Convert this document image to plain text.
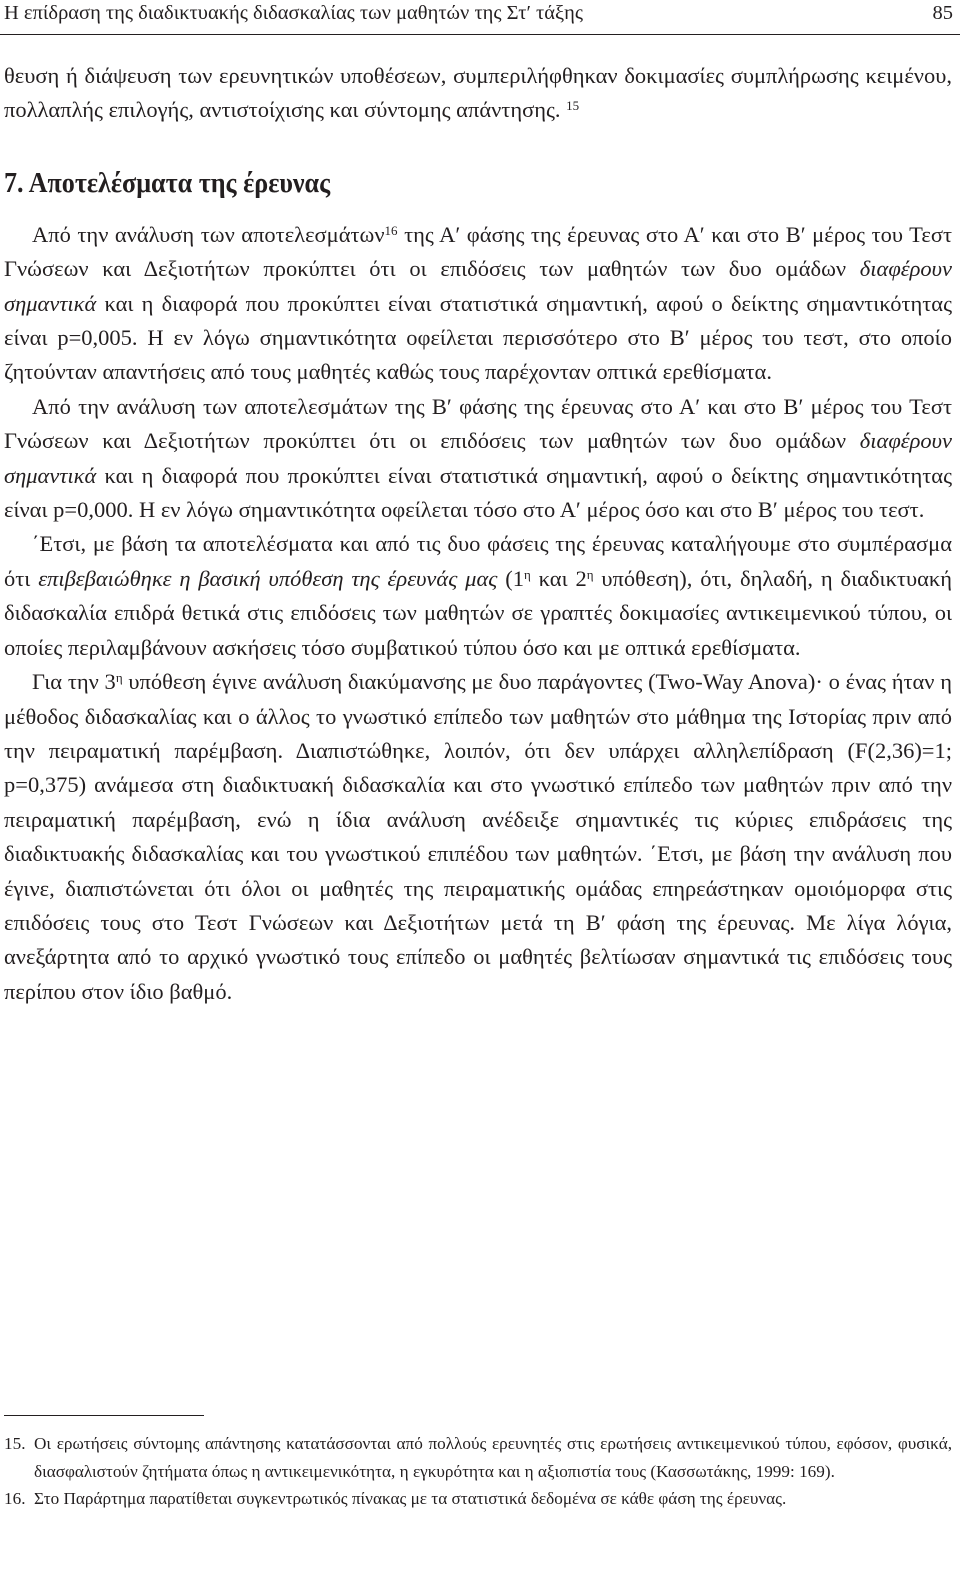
Η επίδραση της διαδικτυακής διδασκαλίας των μαθητών της Στ′ τάξης	85

θευση ή διάψευση των ερευνητικών υποθέσεων, συμπεριλήφθηκαν δοκιμασίες συμπλήρωσης κειμένου, πολλαπλής επιλογής, αντιστοίχισης και σύντομης απάντησης. $^{15}$

7. Αποτελέσματα της έρευνας

Από την ανάλυση των αποτελεσμάτων$^{16}$ της Α′ φάσης της έρευνας στο Α′ και στο Β′ μέρος του Τεστ Γνώσεων και Δεξιοτήτων προκύπτει ότι οι επιδόσεις των μαθητών των δυο ομάδων διαφέρουν σημαντικά και η διαφορά που προκύπτει είναι στατιστικά σημαντική, αφού ο δείκτης σημαντικότητας είναι p=0,005. Η εν λόγω σημαντικότητα οφείλεται περισσότερο στο Β′ μέρος του τεστ, στο οποίο ζητούνταν απαντήσεις από τους μαθητές καθώς τους παρέχονταν οπτικά ερεθίσματα.

Από την ανάλυση των αποτελεσμάτων της Β′ φάσης της έρευνας στο Α′ και στο Β′ μέρος του Τεστ Γνώσεων και Δεξιοτήτων προκύπτει ότι οι επιδόσεις των μαθητών των δυο ομάδων διαφέρουν σημαντικά και η διαφορά που προκύπτει είναι στατιστικά σημαντική, αφού ο δείκτης σημαντικότητας είναι p=0,000. Η εν λόγω σημαντικότητα οφείλεται τόσο στο Α′ μέρος όσο και στο Β′ μέρος του τεστ.

΄Ετσι, με βάση τα αποτελέσματα και από τις δυο φάσεις της έρευνας καταλήγουμε στο συμπέρασμα ότι επιβεβαιώθηκε η βασική υπόθεση της έρευνάς μας ($1^\eta$ και $2^\eta$ υπόθεση), ότι, δηλαδή, η διαδικτυακή διδασκαλία επιδρά θετικά στις επιδόσεις των μαθητών σε γραπτές δοκιμασίες αντικειμενικού τύπου, οι οποίες περιλαμβάνουν ασκήσεις τόσο συμβατικού τύπου όσο και με οπτικά ερεθίσματα.

Για την $3^\eta$ υπόθεση έγινε ανάλυση διακύμανσης με δυο παράγοντες (Two-Way Anova)· ο ένας ήταν η μέθοδος διδασκαλίας και ο άλλος το γνωστικό επίπεδο των μαθητών στο μάθημα της Ιστορίας πριν από την πειραματική παρέμβαση. Διαπιστώθηκε, λοιπόν, ότι δεν υπάρχει αλληλεπίδραση (F(2,36)=1; p=0,375) ανάμεσα στη διαδικτυακή διδασκαλία και στο γνωστικό επίπεδο των μαθητών πριν από την πειραματική παρέμβαση, ενώ η ίδια ανάλυση ανέδειξε σημαντικές τις κύριες επιδράσεις της διαδικτυακής διδασκαλίας και του γνωστικού επιπέδου των μαθητών. ΄Ετσι, με βάση την ανάλυση που έγινε, διαπιστώνεται ότι όλοι οι μαθητές της πειραματικής ομάδας επηρεάστηκαν ομοιόμορφα στις επιδόσεις τους στο Τεστ Γνώσεων και Δεξιοτήτων μετά τη Β′ φάση της έρευνας. Με λίγα λόγια, ανεξάρτητα από το αρχικό γνωστικό τους επίπεδο οι μαθητές βελτίωσαν σημαντικά τις επιδόσεις τους περίπου στον ίδιο βαθμό.

15. Οι ερωτήσεις σύντομης απάντησης κατατάσσονται από πολλούς ερευνητές στις ερωτήσεις αντικειμενικού τύπου, εφόσον, φυσικά, διασφαλιστούν ζητήματα όπως η αντικειμενικότητα, η εγκυρότητα και η αξιοπιστία τους (Κασσωτάκης, 1999: 169).
16. Στο Παράρτημα παρατίθεται συγκεντρωτικός πίνακας με τα στατιστικά δεδομένα σε κάθε φάση της έρευνας.
